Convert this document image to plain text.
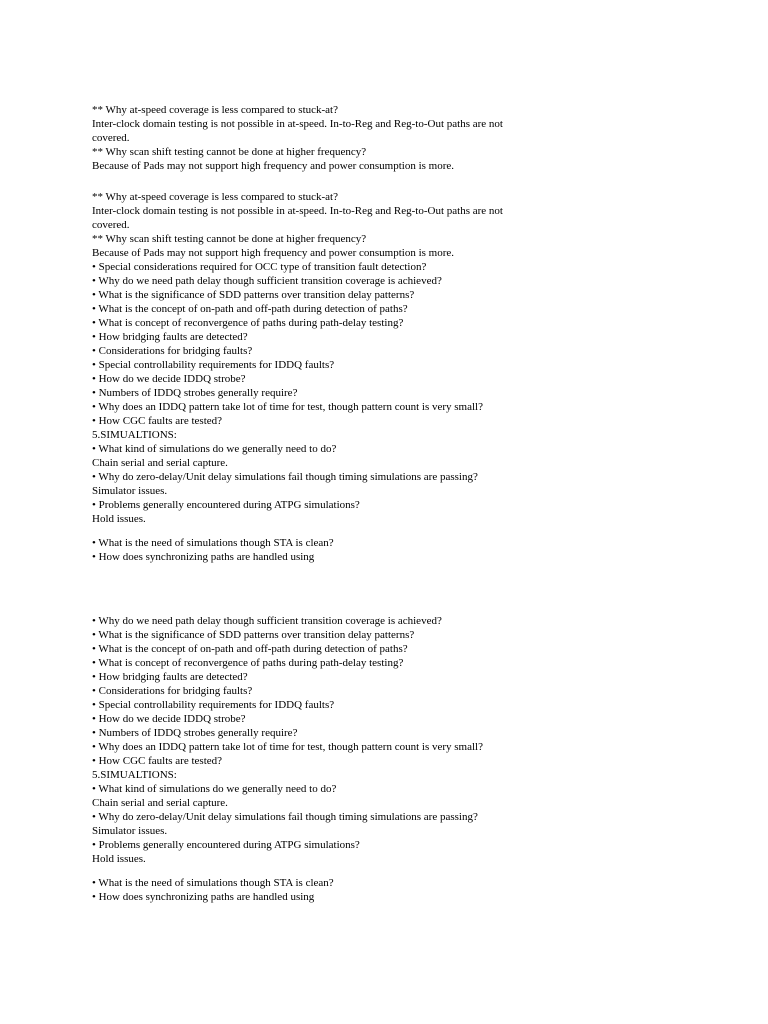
** Why at-speed coverage is less compared to stuck-at?
Inter-clock domain testing is not possible in at-speed. In-to-Reg and Reg-to-Out paths are not
covered.
** Why scan shift testing cannot be done at higher frequency?
Because of Pads may not support high frequency and power consumption is more.
** Why at-speed coverage is less compared to stuck-at?
Inter-clock domain testing is not possible in at-speed. In-to-Reg and Reg-to-Out paths are not
covered.
** Why scan shift testing cannot be done at higher frequency?
Because of Pads may not support high frequency and power consumption is more.
• Special considerations required for OCC type of transition fault detection?
• Why do we need path delay though sufficient transition coverage is achieved?
• What is the significance of SDD patterns over transition delay patterns?
• What is the concept of on-path and off-path during detection of paths?
• What is concept of reconvergence of paths during path-delay testing?
• How bridging faults are detected?
• Considerations for bridging faults?
• Special controllability requirements for IDDQ faults?
• How do we decide IDDQ strobe?
• Numbers of IDDQ strobes generally require?
• Why does an IDDQ pattern take lot of time for test, though pattern count is very small?
• How CGC faults are tested?
5.SIMUALTIONS:
• What kind of simulations do we generally need to do?
Chain serial and serial capture.
• Why do zero-delay/Unit delay simulations fail though timing simulations are passing?
Simulator issues.
• Problems generally encountered during ATPG simulations?
Hold issues.
• What is the need of simulations though STA is clean?
• How does synchronizing paths are handled using
• Why do we need path delay though sufficient transition coverage is achieved?
• What is the significance of SDD patterns over transition delay patterns?
• What is the concept of on-path and off-path during detection of paths?
• What is concept of reconvergence of paths during path-delay testing?
• How bridging faults are detected?
• Considerations for bridging faults?
• Special controllability requirements for IDDQ faults?
• How do we decide IDDQ strobe?
• Numbers of IDDQ strobes generally require?
• Why does an IDDQ pattern take lot of time for test, though pattern count is very small?
• How CGC faults are tested?
5.SIMUALTIONS:
• What kind of simulations do we generally need to do?
Chain serial and serial capture.
• Why do zero-delay/Unit delay simulations fail though timing simulations are passing?
Simulator issues.
• Problems generally encountered during ATPG simulations?
Hold issues.
• What is the need of simulations though STA is clean?
• How does synchronizing paths are handled using
